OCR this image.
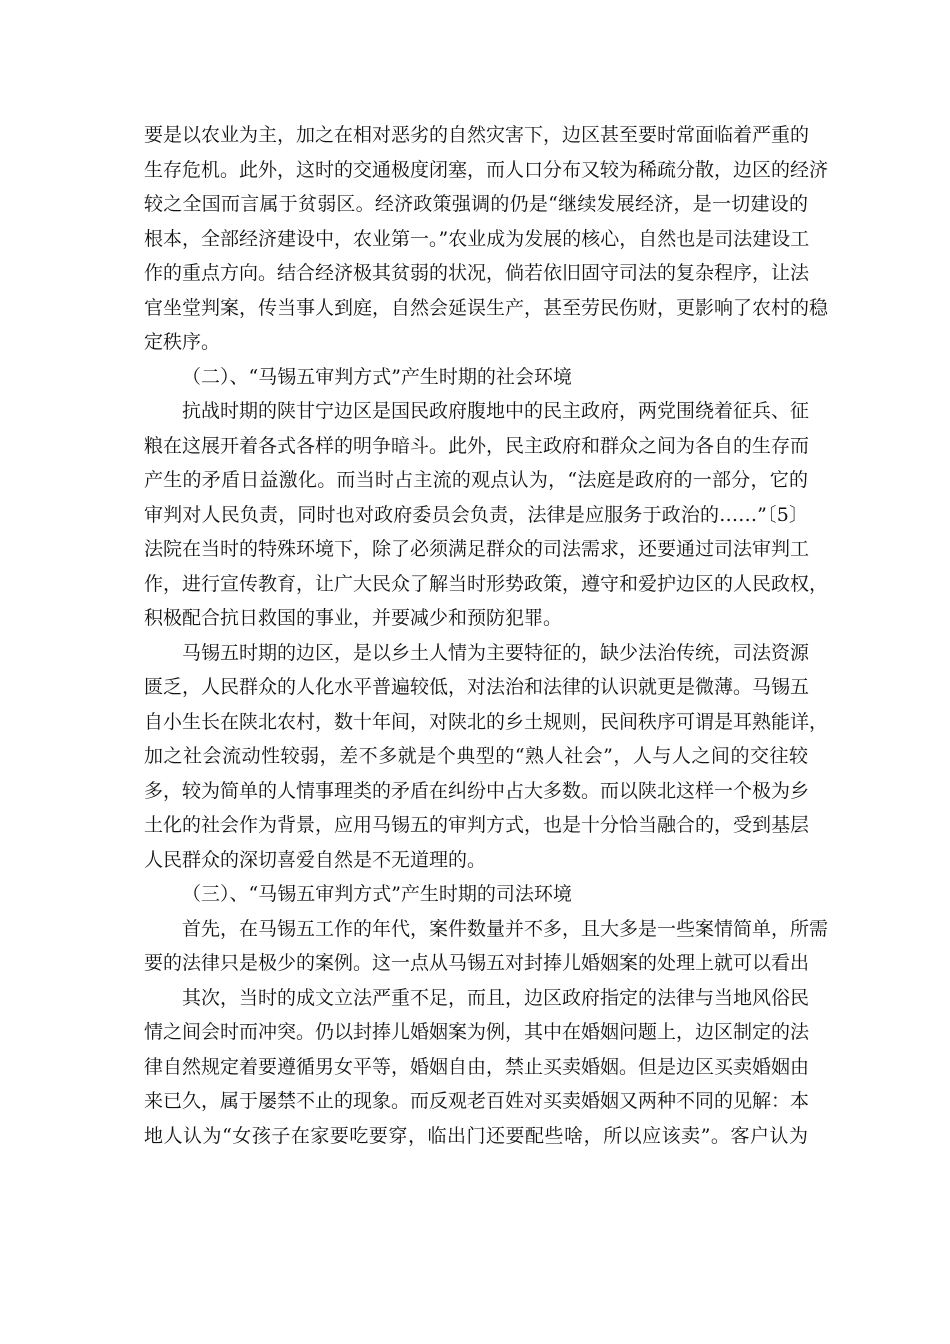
要是以农业为主，加之在相对恶劣的自然灾害下，边区甚至要时常面临着严重的
生存危机。此外，这时的交通极度闭塞，而人口分布又较为稀疏分散，边区的经济
较之全国而言属于贫弱区。经济政策强调的仍是“继续发展经济，是一切建设的
根本，全部经济建设中，农业第一。”农业成为发展的核心，自然也是司法建设工
作的重点方向。结合经济极其贫弱的状况，倘若依旧固守司法的复杂程序，让法
官坐堂判案，传当事人到庭，自然会延误生产，甚至劳民伤财，更影响了农村的稳
定秩序。
（二）、“马锡五审判方式”产生时期的社会环境
抗战时期的陕甘宁边区是国民政府腹地中的民主政府，两党围绕着征兵、征
粮在这展开着各式各样的明争暗斗。此外，民主政府和群众之间为各自的生存而
产生的矛盾日益激化。而当时占主流的观点认为，“法庭是政府的一部分，它的
审判对人民负责，同时也对政府委员会负责，法律是应服务于政治的……”〔5〕
法院在当时的特殊环境下，除了必须满足群众的司法需求，还要通过司法审判工
作，进行宣传教育，让广大民众了解当时形势政策，遵守和爱护边区的人民政权，
积极配合抗日救国的事业，并要减少和预防犯罪。
马锡五时期的边区，是以乡土人情为主要特征的，缺少法治传统，司法资源
匮乏，人民群众的人化水平普遍较低，对法治和法律的认识就更是微薄。马锡五
自小生长在陕北农村，数十年间，对陕北的乡土规则，民间秩序可谓是耳熟能详，
加之社会流动性较弱，差不多就是个典型的“熟人社会”，人与人之间的交往较
多，较为简单的人情事理类的矛盾在纠纷中占大多数。而以陕北这样一个极为乡
土化的社会作为背景，应用马锡五的审判方式，也是十分恰当融合的，受到基层
人民群众的深切喜爱自然是不无道理的。
（三）、“马锡五审判方式”产生时期的司法环境
首先，在马锡五工作的年代，案件数量并不多，且大多是一些案情简单，所需
要的法律只是极少的案例。这一点从马锡五对封捧儿婚姻案的处理上就可以看出
其次，当时的成文立法严重不足，而且，边区政府指定的法律与当地风俗民
情之间会时而冲突。仍以封捧儿婚姻案为例，其中在婚姻问题上，边区制定的法
律自然规定着要遵循男女平等，婚姻自由，禁止买卖婚姻。但是边区买卖婚姻由
来已久，属于屡禁不止的现象。而反观老百姓对买卖婚姻又两种不同的见解：本
地人认为“女孩子在家要吃要穿，临出门还要配些啥，所以应该卖”。客户认为
